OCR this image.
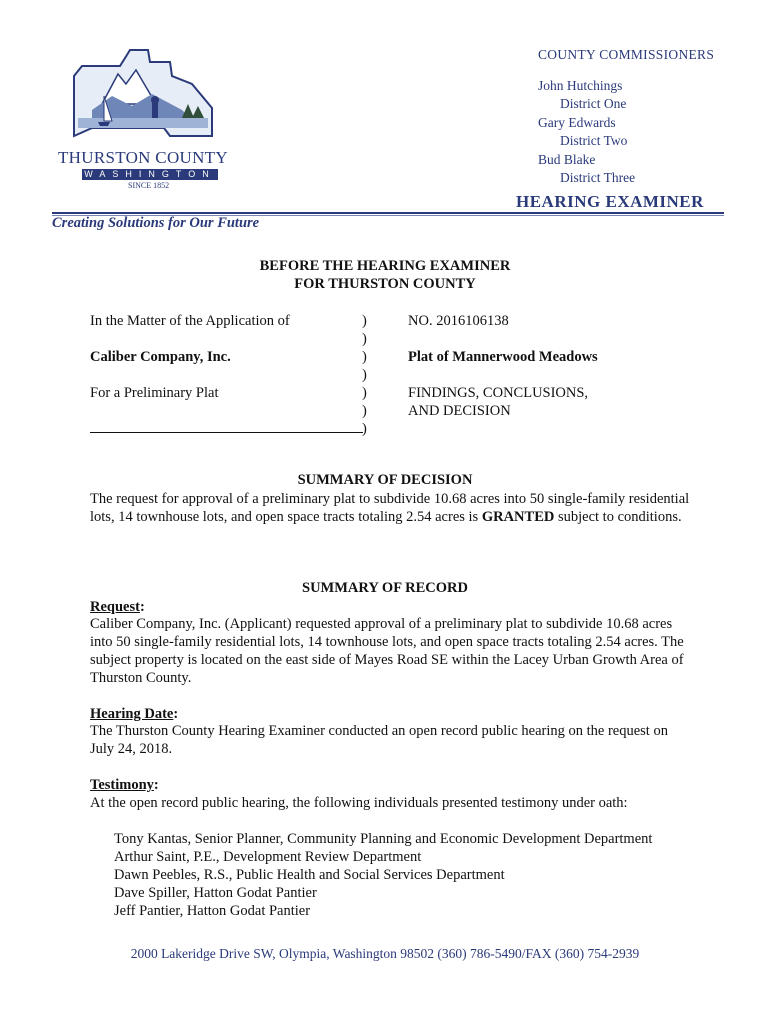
THURSTON COUNTY
WASHINGTON
SINCE 1852
COUNTY COMMISSIONERS
John Hutchings
District One
Gary Edwards
District Two
Bud Blake
District Three
HEARING EXAMINER
Creating Solutions for Our Future
BEFORE THE HEARING EXAMINER
FOR THURSTON COUNTY
In the Matter of the Application of
Caliber Company, Inc.
For a Preliminary Plat
)
)
)
)
)
)
)
NO. 2016106138
Plat of Mannerwood Meadows
FINDINGS, CONCLUSIONS,
AND DECISION
SUMMARY OF DECISION
The request for approval of a preliminary plat to subdivide 10.68 acres into 50 single-family residential lots, 14 townhouse lots, and open space tracts totaling 2.54 acres is GRANTED subject to conditions.
SUMMARY OF RECORD
Request:
Caliber Company, Inc. (Applicant) requested approval of a preliminary plat to subdivide 10.68 acres into 50 single-family residential lots, 14 townhouse lots, and open space tracts totaling 2.54 acres. The subject property is located on the east side of Mayes Road SE within the Lacey Urban Growth Area of Thurston County.
Hearing Date:
The Thurston County Hearing Examiner conducted an open record public hearing on the request on July 24, 2018.
Testimony:
At the open record public hearing, the following individuals presented testimony under oath:
Tony Kantas, Senior Planner, Community Planning and Economic Development Department
Arthur Saint, P.E., Development Review Department
Dawn Peebles, R.S., Public Health and Social Services Department
Dave Spiller, Hatton Godat Pantier
Jeff Pantier, Hatton Godat Pantier
2000 Lakeridge Drive SW, Olympia, Washington 98502 (360) 786-5490/FAX (360) 754-2939
